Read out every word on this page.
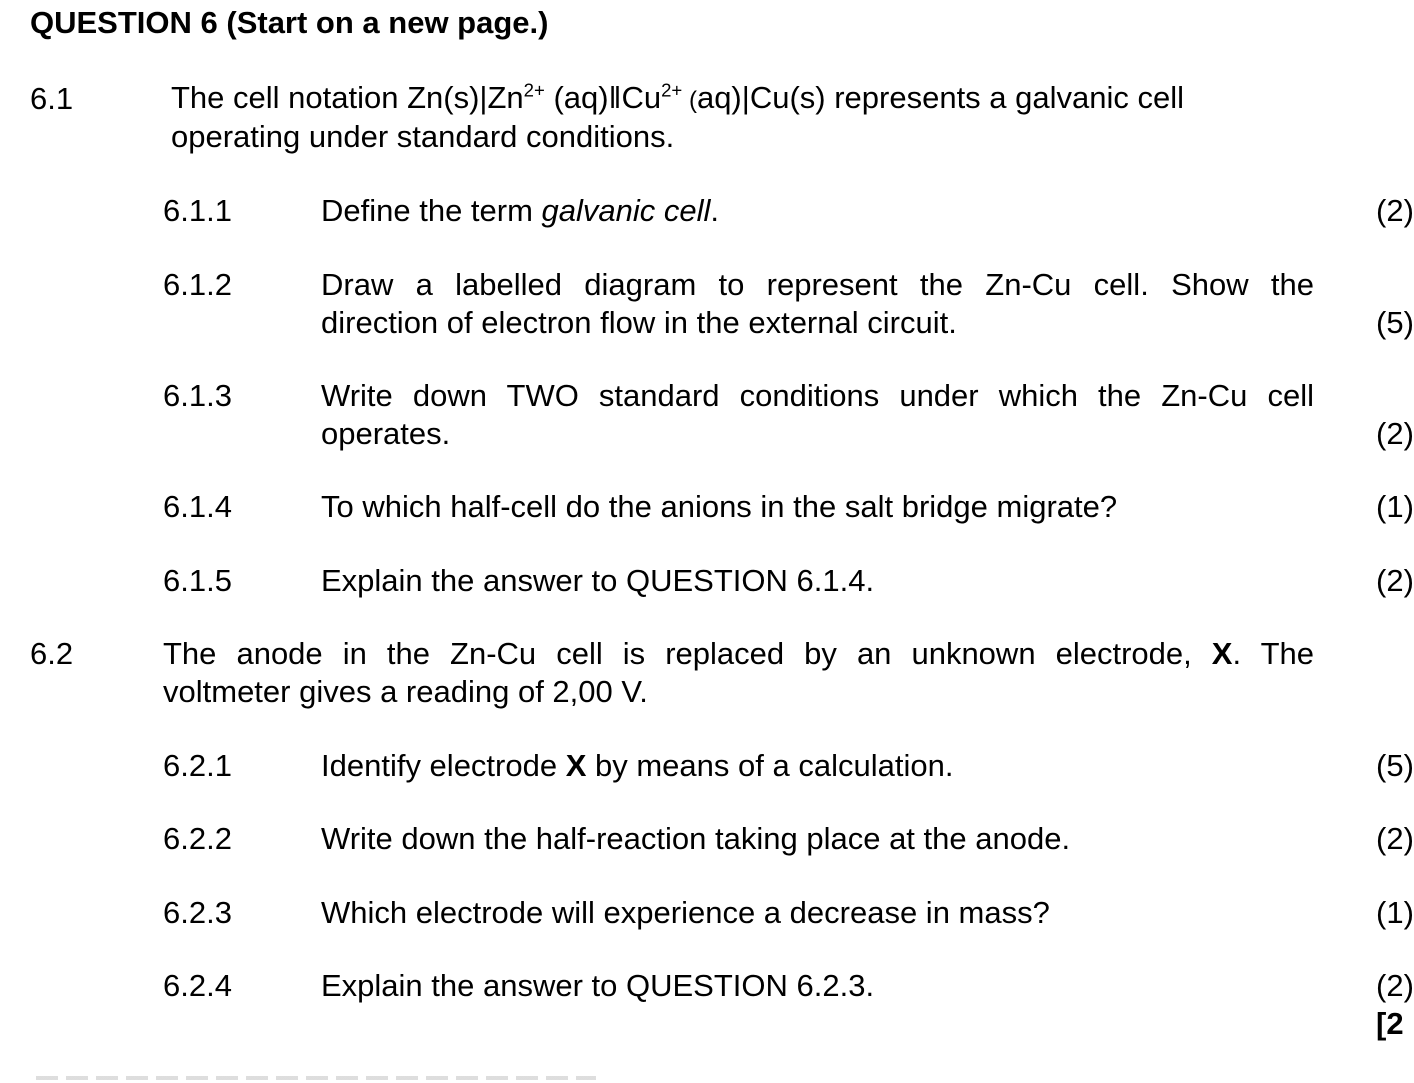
QUESTION 6 (Start on a new page.)
6.1	The cell notation $Zn(s)|Zn^{2+}$ $(aq)‖Cu^{2+}$ (aq)|Cu(s) represents a galvanic cell
operating under standard conditions.
6.1.1	Define the term galvanic cell.	(2)
6.1.2	Draw a labelled diagram to represent the Zn-Cu cell. Show the
direction of electron flow in the external circuit.	(5)
6.1.3	Write down TWO standard conditions under which the Zn-Cu cell
operates.	(2)
6.1.4	To which half-cell do the anions in the salt bridge migrate?	(1)
6.1.5	Explain the answer to QUESTION 6.1.4.	(2)
6.2	The anode in the Zn-Cu cell is replaced by an unknown electrode, X. The
voltmeter gives a reading of 2,00 V.
6.2.1	Identify electrode X by means of a calculation.	(5)
6.2.2	Write down the half-reaction taking place at the anode.	(2)
6.2.3	Which electrode will experience a decrease in mass?	(1)
6.2.4	Explain the answer to QUESTION 6.2.3.	(2)
[2
